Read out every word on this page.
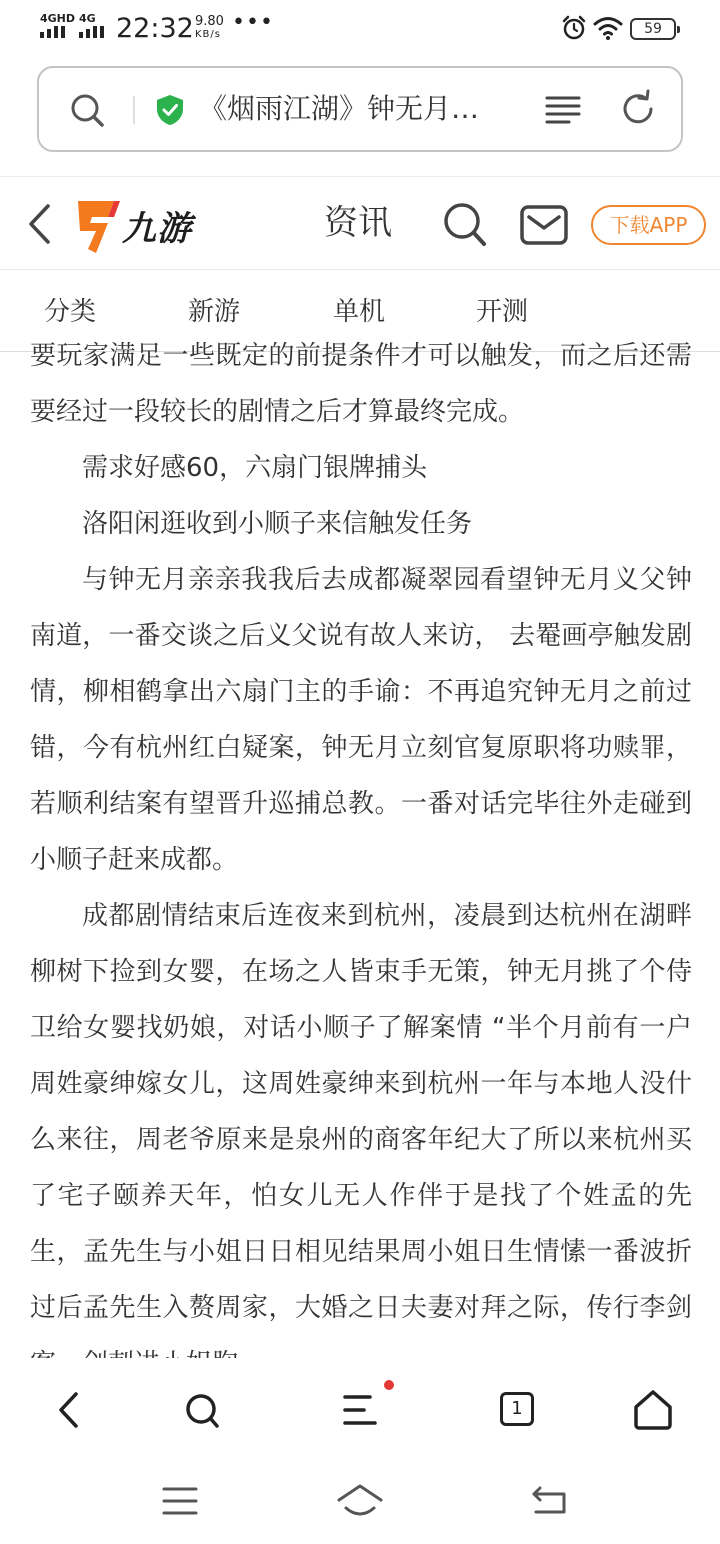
4GHD 4G 22:32 9.80
KB/s •••	59
《烟雨江湖》钟无月…
九游	资讯	下载APP
分类	新游	单机	开测

要玩家满足一些既定的前提条件才可以触发，而之后还需要经过一段较长的剧情之后才算最终完成。

需求好感60，六扇门银牌捕头

洛阳闲逛收到小顺子来信触发任务

与钟无月亲亲我我后去成都凝翠园看望钟无月义父钟南道，一番交谈之后义父说有故人来访， 去罨画亭触发剧情，柳相鹤拿出六扇门主的手谕：不再追究钟无月之前过错，今有杭州红白疑案，钟无月立刻官复原职将功赎罪，若顺利结案有望晋升巡捕总教。一番对话完毕往外走碰到小顺子赶来成都。

成都剧情结束后连夜来到杭州，凌晨到达杭州在湖畔柳树下捡到女婴，在场之人皆束手无策，钟无月挑了个侍卫给女婴找奶娘，对话小顺子了解案情 “半个月前有一户周姓豪绅嫁女儿，这周姓豪绅来到杭州一年与本地人没什么来往，周老爷原来是泉州的商客年纪大了所以来杭州买了宅子颐养天年，怕女儿无人作伴于是找了个姓孟的先生，孟先生与小姐日日相见结果周小姐日生情愫一番波折过后孟先生入赘周家，大婚之日夫妻对拜之际，传行李剑

1
